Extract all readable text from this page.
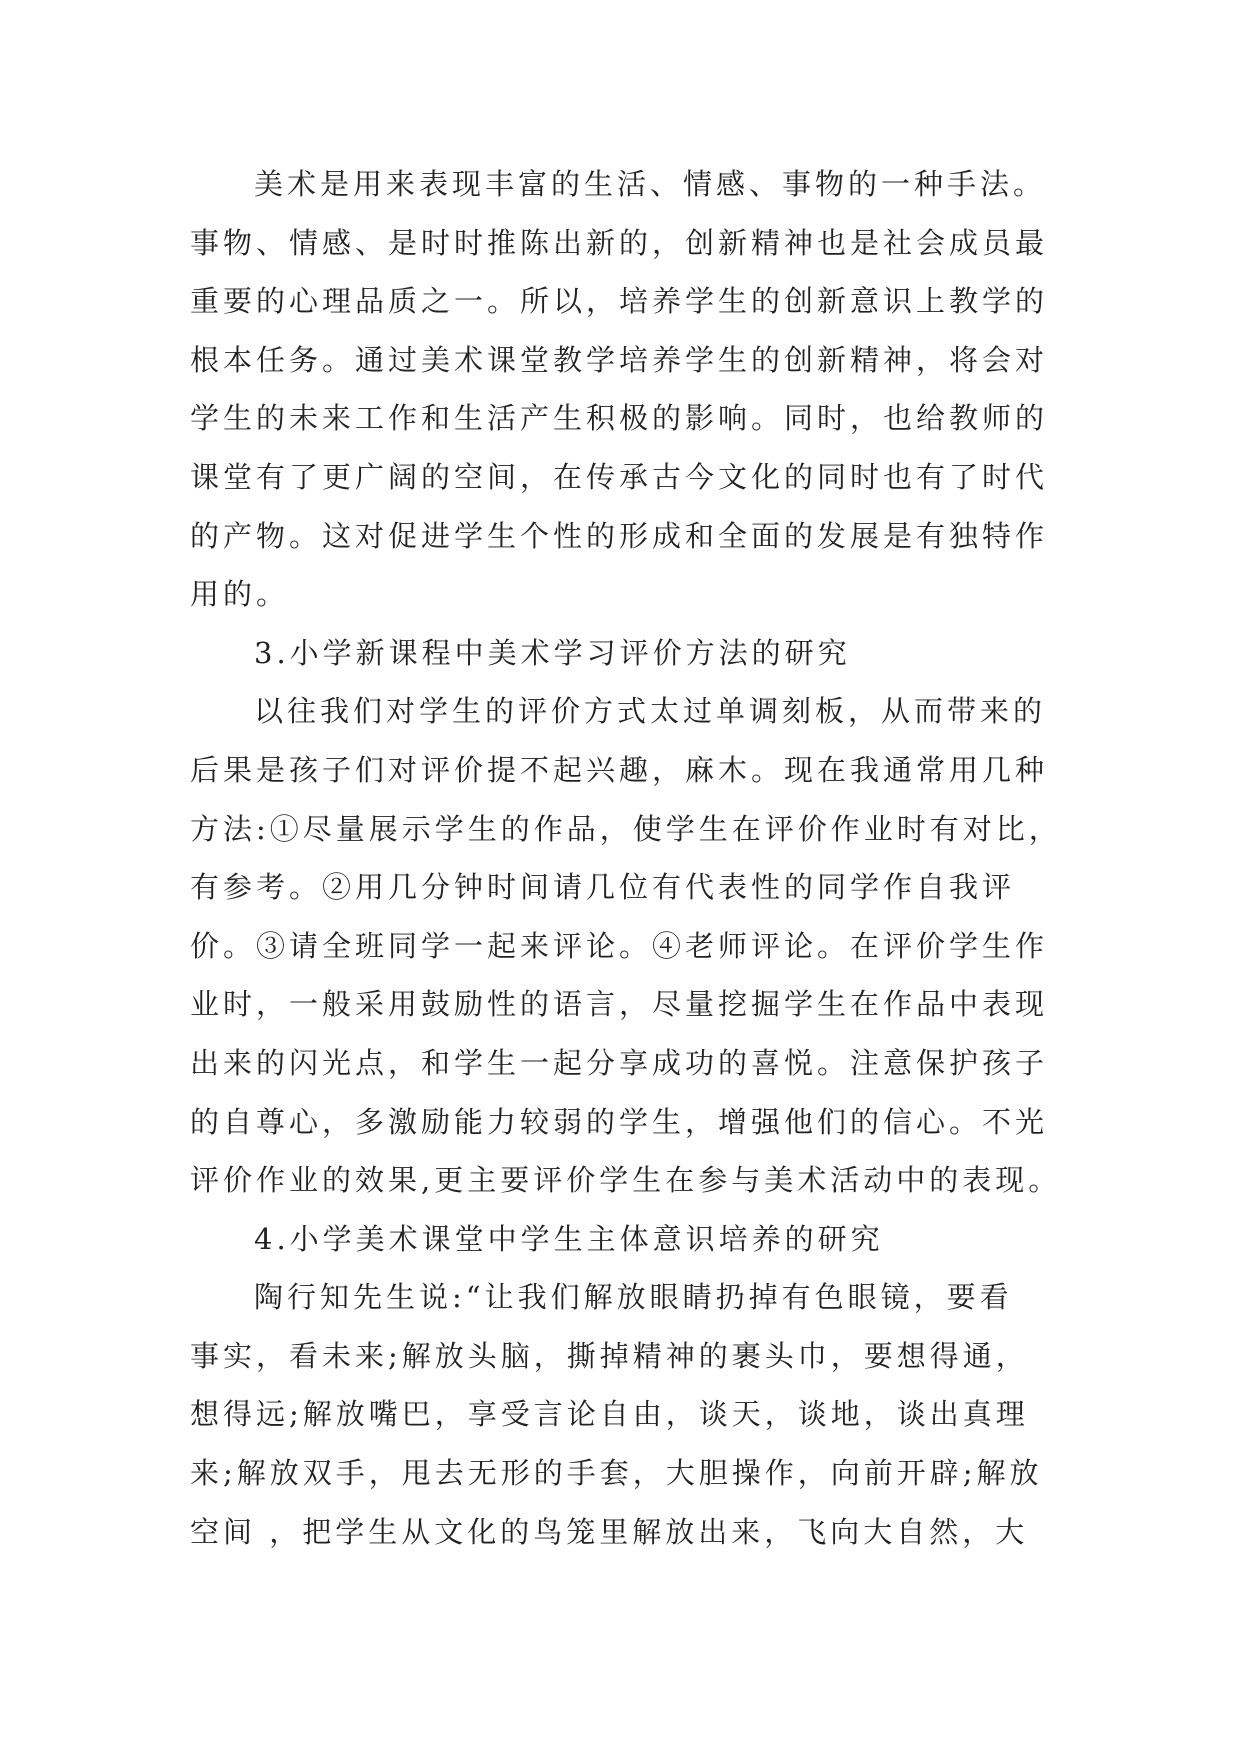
美术是用来表现丰富的生活、情感、事物的一种手法。
事物、情感、是时时推陈出新的，创新精神也是社会成员最
重要的心理品质之一。所以，培养学生的创新意识上教学的
根本任务。通过美术课堂教学培养学生的创新精神，将会对
学生的未来工作和生活产生积极的影响。同时，也给教师的
课堂有了更广阔的空间，在传承古今文化的同时也有了时代
的产物。这对促进学生个性的形成和全面的发展是有独特作
用的。
3.小学新课程中美术学习评价方法的研究
以往我们对学生的评价方式太过单调刻板，从而带来的
后果是孩子们对评价提不起兴趣，麻木。现在我通常用几种
方法:①尽量展示学生的作品，使学生在评价作业时有对比，
有参考。②用几分钟时间请几位有代表性的同学作自我评
价。③请全班同学一起来评论。④老师评论。在评价学生作
业时，一般采用鼓励性的语言，尽量挖掘学生在作品中表现
出来的闪光点，和学生一起分享成功的喜悦。注意保护孩子
的自尊心，多激励能力较弱的学生，增强他们的信心。不光
评价作业的效果,更主要评价学生在参与美术活动中的表现。
4.小学美术课堂中学生主体意识培养的研究
陶行知先生说:“让我们解放眼睛扔掉有色眼镜，要看
事实，看未来;解放头脑，撕掉精神的裹头巾，要想得通，
想得远;解放嘴巴，享受言论自由，谈天，谈地，谈出真理
来;解放双手，甩去无形的手套，大胆操作，向前开辟;解放
空间 ，把学生从文化的鸟笼里解放出来，飞向大自然，大
